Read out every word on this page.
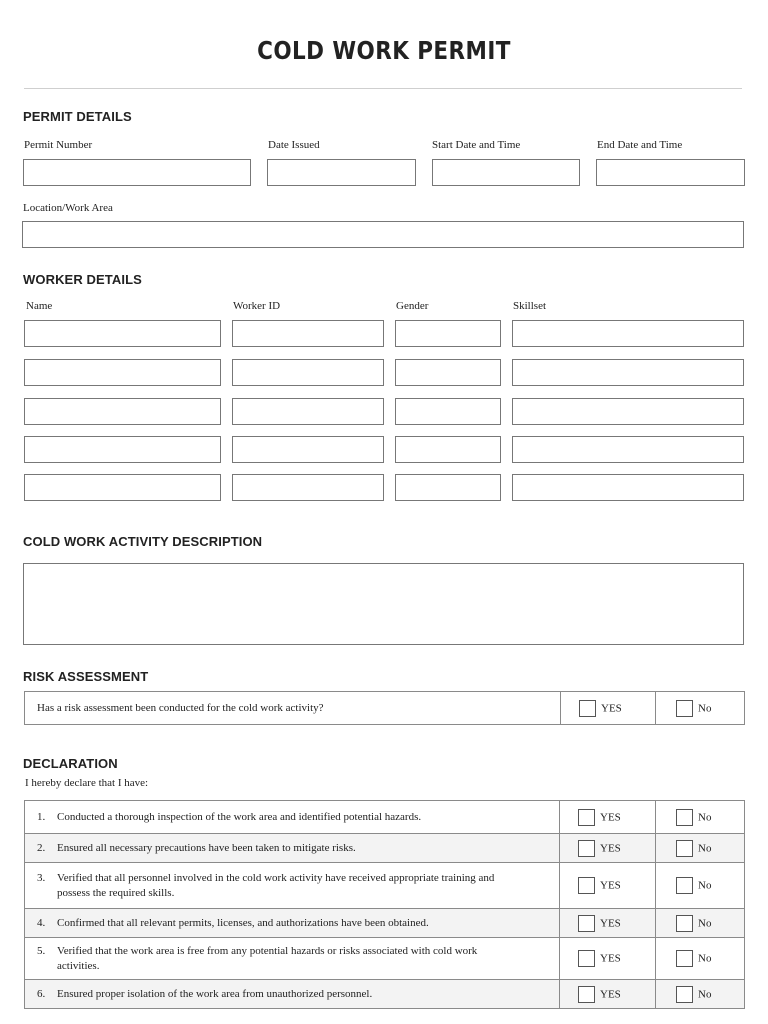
COLD WORK PERMIT
PERMIT DETAILS
Permit Number	Date Issued	Start Date and Time	End Date and Time
Location/Work Area
WORKER DETAILS
Name	Worker ID	Gender	Skillset
COLD WORK ACTIVITY DESCRIPTION
RISK ASSESSMENT
Has a risk assessment been conducted for the cold work activity?	YES	No
DECLARATION
I hereby declare that I have:
1. Conducted a thorough inspection of the work area and identified potential hazards.	YES	No
2. Ensured all necessary precautions have been taken to mitigate risks.	YES	No
3. Verified that all personnel involved in the cold work activity have received appropriate training and
possess the required skills.	YES	No
4. Confirmed that all relevant permits, licenses, and authorizations have been obtained.	YES	No
5. Verified that the work area is free from any potential hazards or risks associated with cold work
activities.	YES	No
6. Ensured proper isolation of the work area from unauthorized personnel.	YES	No
